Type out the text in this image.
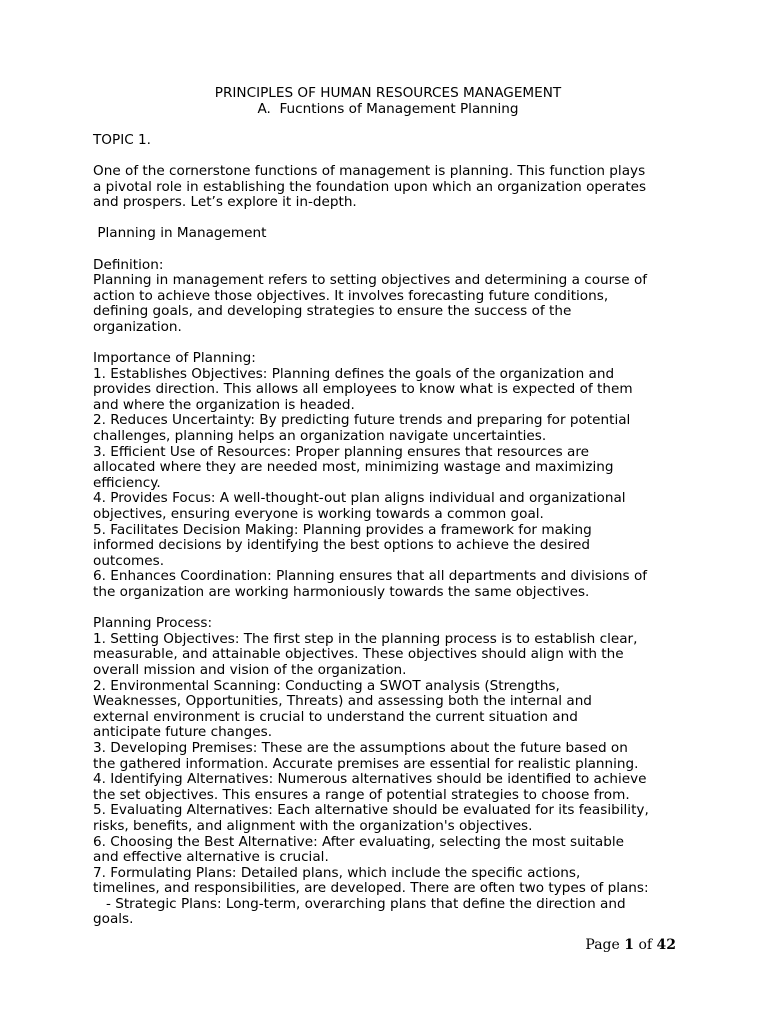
PRINCIPLES OF HUMAN RESOURCES MANAGEMENT
A.  Fucntions of Management Planning
TOPIC 1.
One of the cornerstone functions of management is planning. This function plays
a pivotal role in establishing the foundation upon which an organization operates
and prospers. Let’s explore it in-depth.
Planning in Management
Definition:
Planning in management refers to setting objectives and determining a course of
action to achieve those objectives. It involves forecasting future conditions,
defining goals, and developing strategies to ensure the success of the
organization.
Importance of Planning:
1. Establishes Objectives: Planning defines the goals of the organization and
provides direction. This allows all employees to know what is expected of them
and where the organization is headed.
2. Reduces Uncertainty: By predicting future trends and preparing for potential
challenges, planning helps an organization navigate uncertainties.
3. Efficient Use of Resources: Proper planning ensures that resources are
allocated where they are needed most, minimizing wastage and maximizing
efficiency.
4. Provides Focus: A well-thought-out plan aligns individual and organizational
objectives, ensuring everyone is working towards a common goal.
5. Facilitates Decision Making: Planning provides a framework for making
informed decisions by identifying the best options to achieve the desired
outcomes.
6. Enhances Coordination: Planning ensures that all departments and divisions of
the organization are working harmoniously towards the same objectives.
Planning Process:
1. Setting Objectives: The first step in the planning process is to establish clear,
measurable, and attainable objectives. These objectives should align with the
overall mission and vision of the organization.
2. Environmental Scanning: Conducting a SWOT analysis (Strengths,
Weaknesses, Opportunities, Threats) and assessing both the internal and
external environment is crucial to understand the current situation and
anticipate future changes.
3. Developing Premises: These are the assumptions about the future based on
the gathered information. Accurate premises are essential for realistic planning.
4. Identifying Alternatives: Numerous alternatives should be identified to achieve
the set objectives. This ensures a range of potential strategies to choose from.
5. Evaluating Alternatives: Each alternative should be evaluated for its feasibility,
risks, benefits, and alignment with the organization's objectives.
6. Choosing the Best Alternative: After evaluating, selecting the most suitable
and effective alternative is crucial.
7. Formulating Plans: Detailed plans, which include the specific actions,
timelines, and responsibilities, are developed. There are often two types of plans:
- Strategic Plans: Long-term, overarching plans that define the direction and
goals.
Page 1 of 42
